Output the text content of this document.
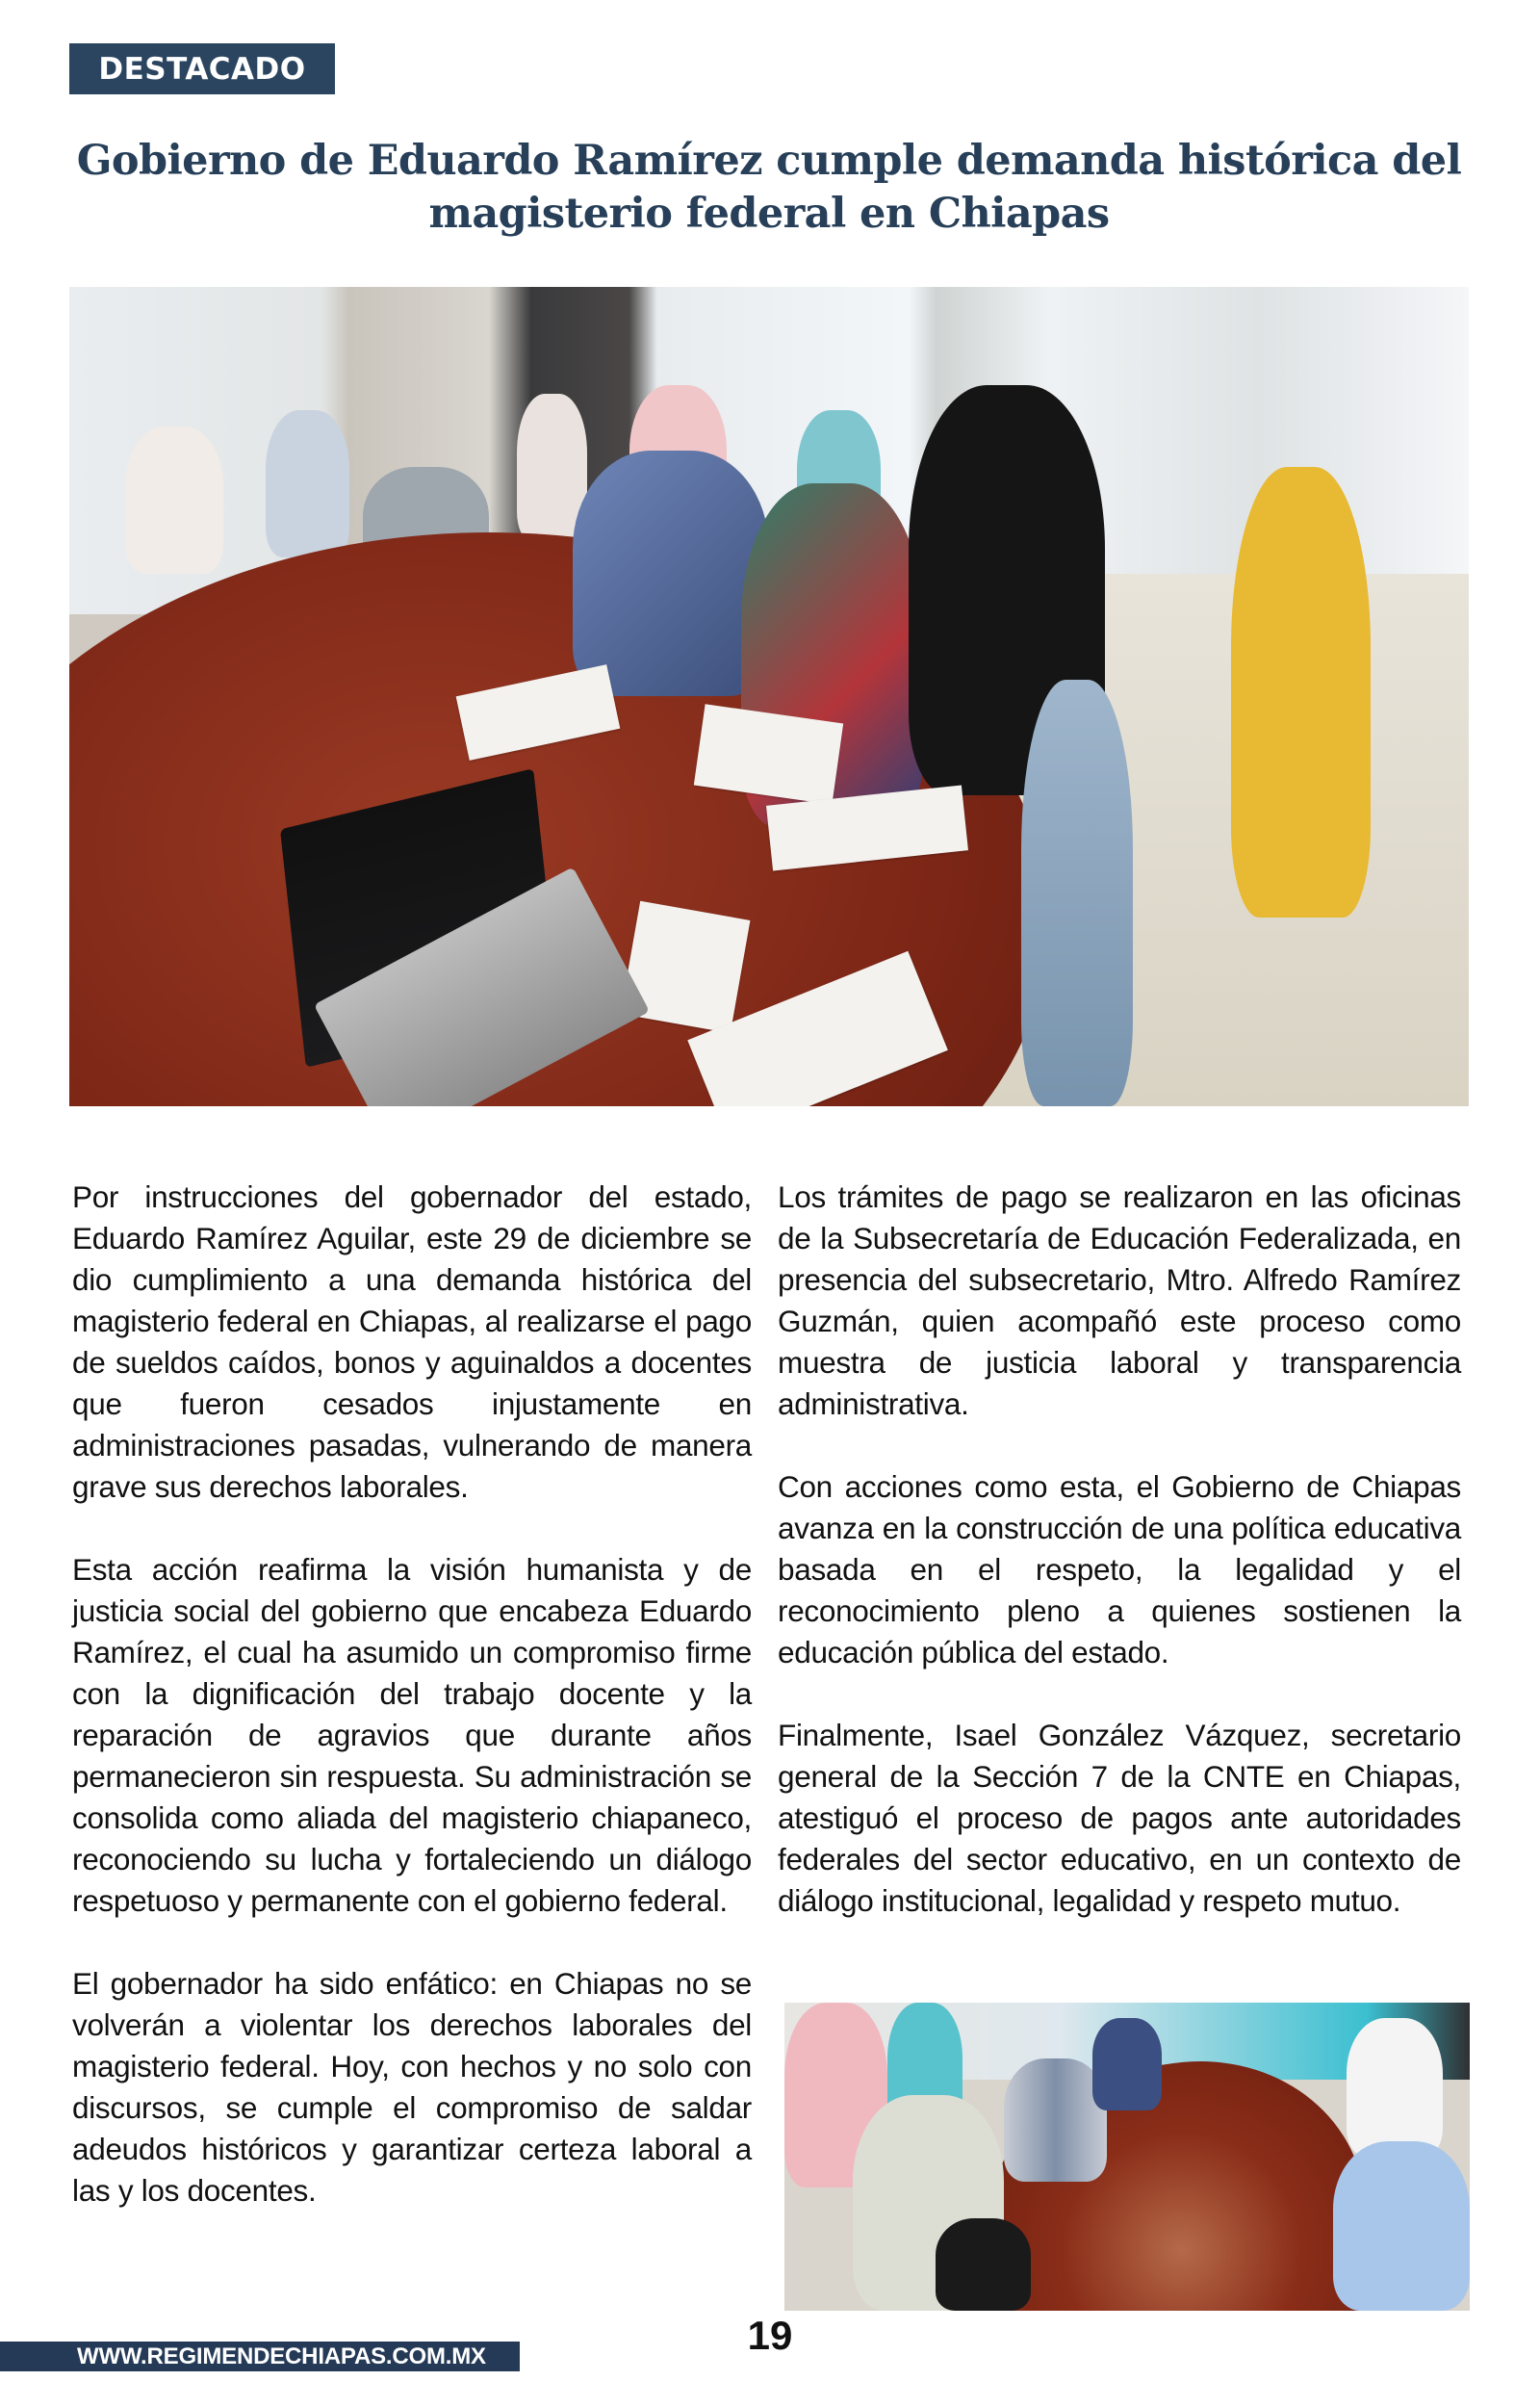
DESTACADO
Gobierno de Eduardo Ramírez cumple demanda histórica del magisterio federal en Chiapas

Por instrucciones del gobernador del estado, Eduardo Ramírez Aguilar, este 29 de diciembre se dio cumplimiento a una demanda histórica del magisterio federal en Chiapas, al realizarse el pago de sueldos caídos, bonos y aguinaldos a docentes que fueron cesados injustamente en administraciones pasadas, vulnerando de manera grave sus derechos laborales.

Esta acción reafirma la visión humanista y de justicia social del gobierno que encabeza Eduardo Ramírez, el cual ha asumido un compromiso firme con la dignificación del trabajo docente y la reparación de agravios que durante años permanecieron sin respuesta. Su administración se consolida como aliada del magisterio chiapaneco, reconociendo su lucha y fortaleciendo un diálogo respetuoso y permanente con el gobierno federal.

El gobernador ha sido enfático: en Chiapas no se volverán a violentar los derechos laborales del magisterio federal. Hoy, con hechos y no solo con discursos, se cumple el compromiso de saldar adeudos históricos y garantizar certeza laboral a las y los docentes.

Los trámites de pago se realizaron en las oficinas de la Subsecretaría de Educación Federalizada, en presencia del subsecretario, Mtro. Alfredo Ramírez Guzmán, quien acompañó este proceso como muestra de justicia laboral y transparencia administrativa.

Con acciones como esta, el Gobierno de Chiapas avanza en la construcción de una política educativa basada en el respeto, la legalidad y el reconocimiento pleno a quienes sostienen la educación pública del estado.

Finalmente, Isael González Vázquez, secretario general de la Sección 7 de la CNTE en Chiapas, atestiguó el proceso de pagos ante autoridades federales del sector educativo, en un contexto de diálogo institucional, legalidad y respeto mutuo.

19
WWW.REGIMENDECHIAPAS.COM.MX
